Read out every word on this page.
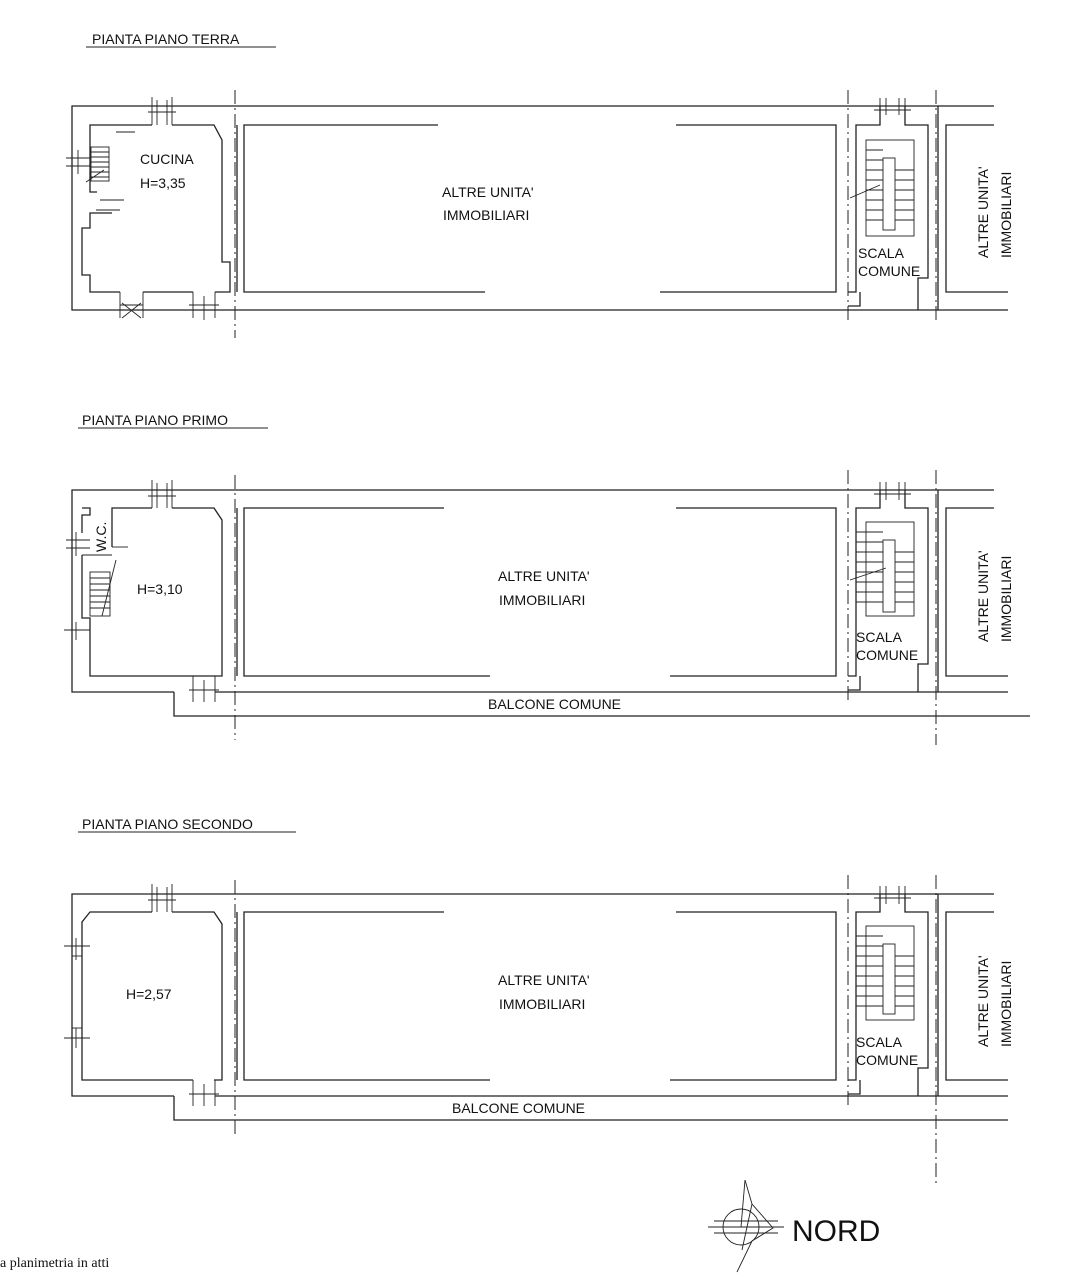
PIANTA PIANO TERRA
CUCINA
H=3,35
ALTRE UNITA'
IMMOBILIARI
SCALA
COMUNE
ALTRE UNITA' IMMOBILIARI
PIANTA PIANO PRIMO
W.C.
H=3,10
ALTRE UNITA'
IMMOBILIARI
SCALA
COMUNE
ALTRE UNITA' IMMOBILIARI
BALCONE COMUNE
PIANTA PIANO SECONDO
H=2,57
ALTRE UNITA'
IMMOBILIARI
SCALA
COMUNE
ALTRE UNITA' IMMOBILIARI
BALCONE COMUNE
NORD
a planimetria in atti
